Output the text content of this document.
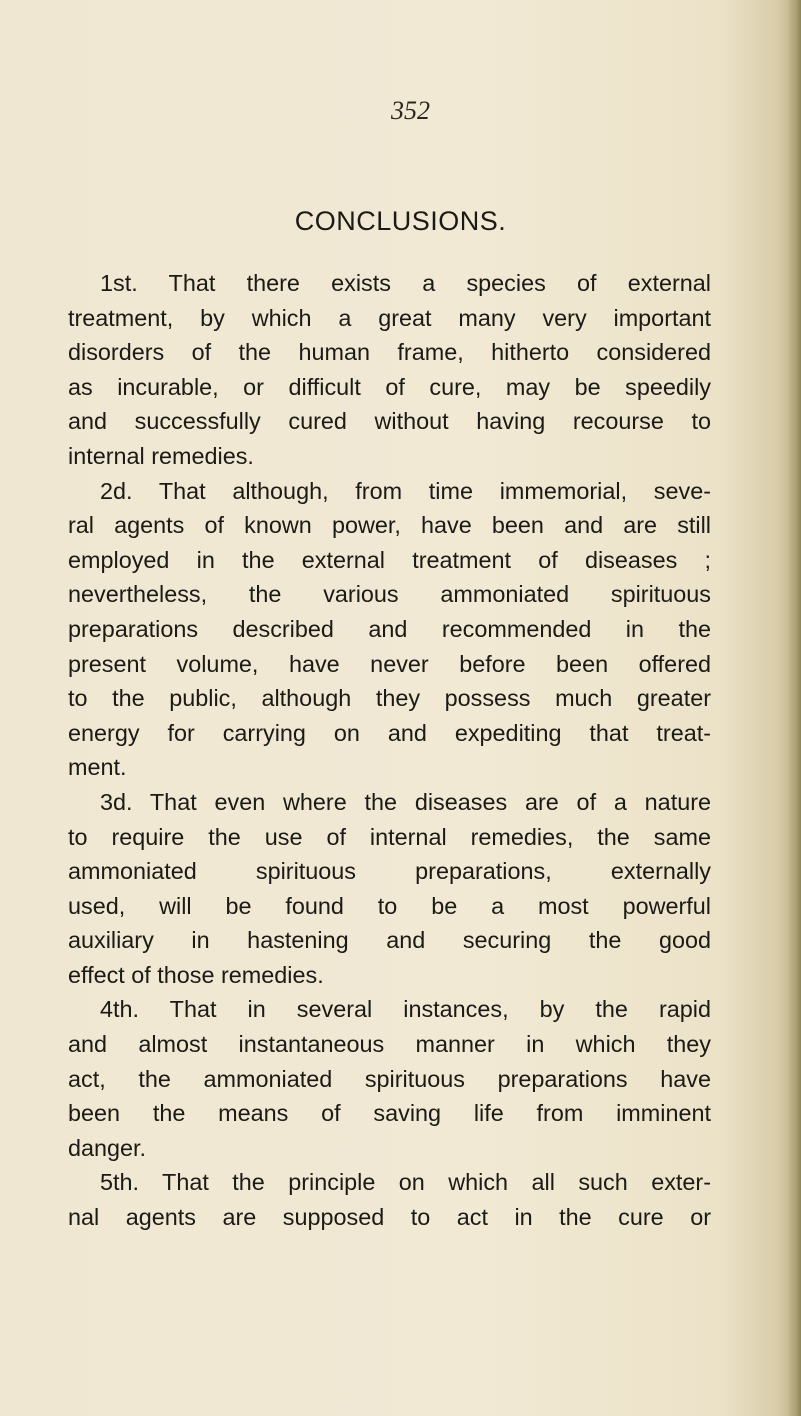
352
CONCLUSIONS.
1st. That there exists a species of external
treatment, by which a great many very important
disorders of the human frame, hitherto considered
as incurable, or difficult of cure, may be speedily
and successfully cured without having recourse to
internal remedies.
2d. That although, from time immemorial, seve-
ral agents of known power, have been and are still
employed in the external treatment of diseases ;
nevertheless, the various ammoniated spirituous
preparations described and recommended in the
present volume, have never before been offered
to the public, although they possess much greater
energy for carrying on and expediting that treat-
ment.
3d. That even where the diseases are of a nature
to require the use of internal remedies, the same
ammoniated spirituous preparations, externally
used, will be found to be a most powerful
auxiliary in hastening and securing the good
effect of those remedies.
4th. That in several instances, by the rapid
and almost instantaneous manner in which they
act, the ammoniated spirituous preparations have
been the means of saving life from imminent
danger.
5th. That the principle on which all such exter-
nal agents are supposed to act in the cure or
